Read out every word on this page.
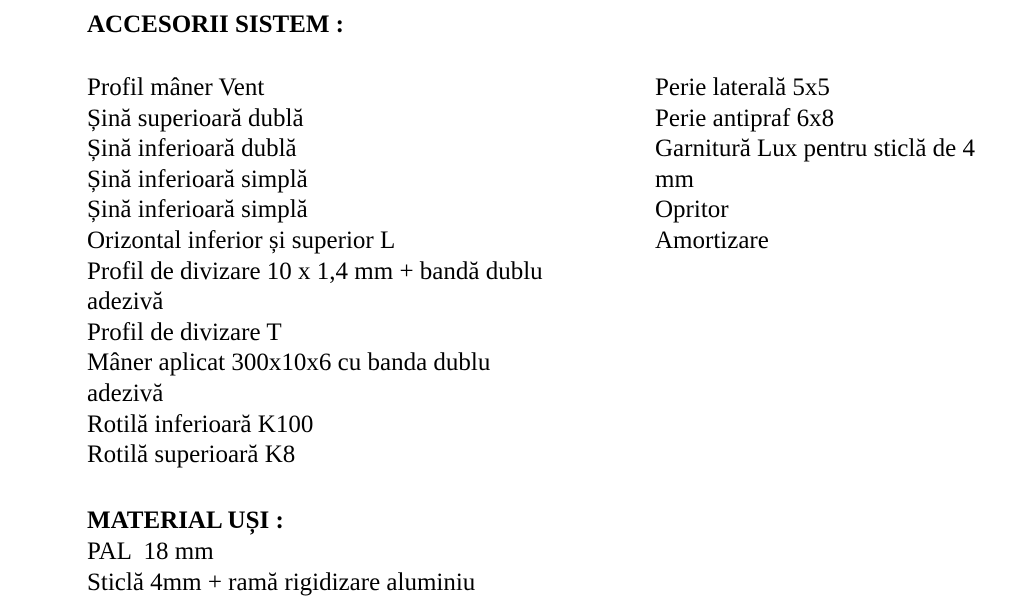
ACCESORII SISTEM :
Profil mâner Vent
Șină superioară dublă
Șină inferioară dublă
Șină inferioară simplă
Șină inferioară simplă
Orizontal inferior și superior L
Profil de divizare 10 x 1,4 mm + bandă dublu adezivă
Profil de divizare T
Mâner aplicat 300x10x6 cu banda dublu adezivă
Rotilă inferioară K100
Rotilă superioară K8
Perie laterală 5x5
Perie antipraf 6x8
Garnitură Lux pentru sticlă de 4 mm
Opritor
Amortizare
MATERIAL UȘI :
PAL  18 mm
Sticlă 4mm + ramă rigidizare aluminiu
